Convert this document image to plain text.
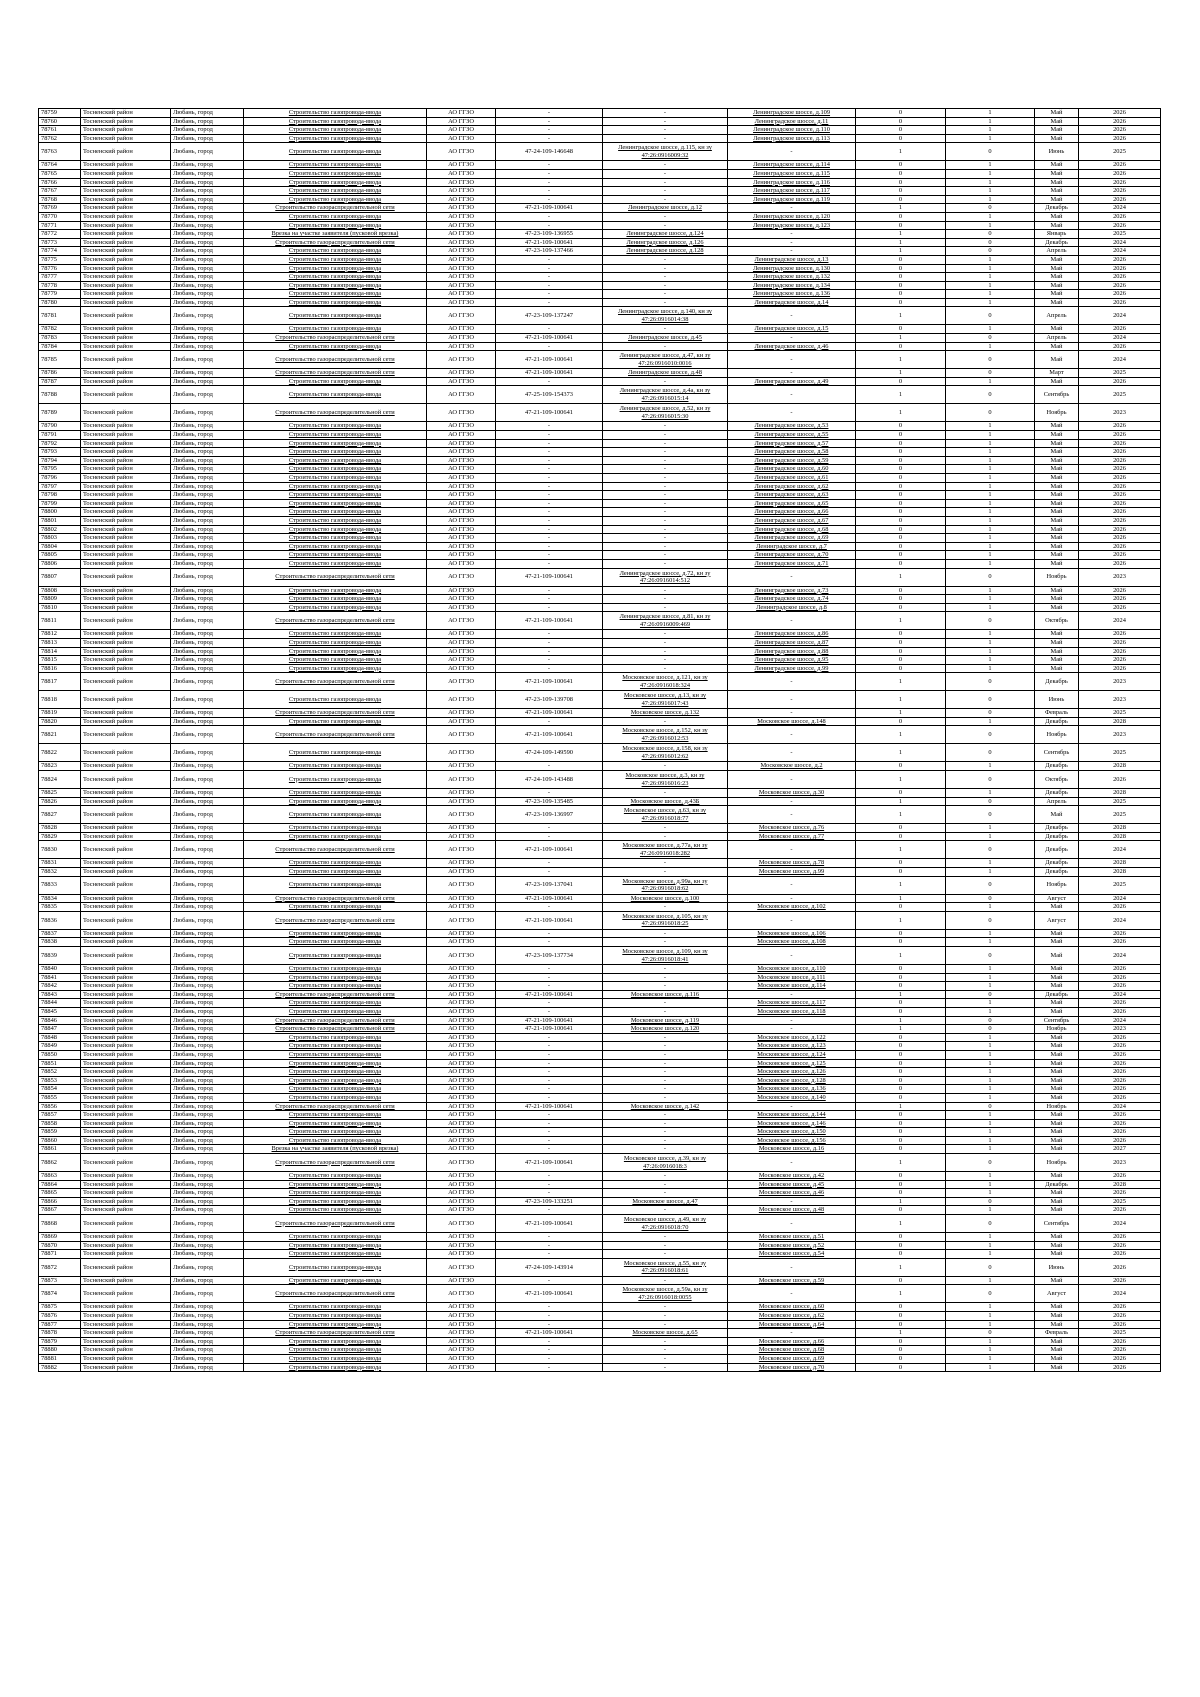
78759	Тосненский район	Любань, город	Строительство газопровода-ввода	АО ГГЗО	-	-	Ленинградское шоссе, д.109	0	1	Май	2026
78760	Тосненский район	Любань, город	Строительство газопровода-ввода	АО ГГЗО	-	-	Ленинградское шоссе, д.11	0	1	Май	2026
78761	Тосненский район	Любань, город	Строительство газопровода-ввода	АО ГГЗО	-	-	Ленинградское шоссе, д.110	0	1	Май	2026
78762	Тосненский район	Любань, город	Строительство газопровода-ввода	АО ГГЗО	-	-	Ленинградское шоссе, д.113	0	1	Май	2026
78763	Тосненский район	Любань, город	Строительство газопровода-ввода	АО ГГЗО	47-24-109-146648	Ленинградское шоссе, д.115, кн зу 47:26:0916009:32	-	1	0	Июнь	2025
78764	Тосненский район	Любань, город	Строительство газопровода-ввода	АО ГГЗО	-	-	Ленинградское шоссе, д.114	0	1	Май	2026
78765	Тосненский район	Любань, город	Строительство газопровода-ввода	АО ГГЗО	-	-	Ленинградское шоссе, д.115	0	1	Май	2026
78766	Тосненский район	Любань, город	Строительство газопровода-ввода	АО ГГЗО	-	-	Ленинградское шоссе, д.116	0	1	Май	2026
78767	Тосненский район	Любань, город	Строительство газопровода-ввода	АО ГГЗО	-	-	Ленинградское шоссе, д.117	0	1	Май	2026
78768	Тосненский район	Любань, город	Строительство газопровода-ввода	АО ГГЗО	-	-	Ленинградское шоссе, д.119	0	1	Май	2026
78769	Тосненский район	Любань, город	Строительство газораспределительной сети	АО ГГЗО	47-21-109-100641	Ленинградское шоссе, д.12	-	1	0	Декабрь	2024
78770	Тосненский район	Любань, город	Строительство газопровода-ввода	АО ГГЗО	-	-	Ленинградское шоссе, д.120	0	1	Май	2026
78771	Тосненский район	Любань, город	Строительство газопровода-ввода	АО ГГЗО	-	-	Ленинградское шоссе, д.123	0	1	Май	2026
78772	Тосненский район	Любань, город	Врезка на участке заявителя (пусковой врезка)	АО ГГЗО	47-23-109-136955	Ленинградское шоссе, д.124	-	1	0	Январь	2025
78773	Тосненский район	Любань, город	Строительство газораспределительной сети	АО ГГЗО	47-21-109-100641	Ленинградское шоссе, д.126	-	1	0	Декабрь	2024
78774	Тосненский район	Любань, город	Строительство газопровода-ввода	АО ГГЗО	47-23-109-137466	Ленинградское шоссе, д.128	-	1	0	Апрель	2024
78775	Тосненский район	Любань, город	Строительство газопровода-ввода	АО ГГЗО	-	-	Ленинградское шоссе, д.13	0	1	Май	2026
78776	Тосненский район	Любань, город	Строительство газопровода-ввода	АО ГГЗО	-	-	Ленинградское шоссе, д.130	0	1	Май	2026
78777	Тосненский район	Любань, город	Строительство газопровода-ввода	АО ГГЗО	-	-	Ленинградское шоссе, д.132	0	1	Май	2026
78778	Тосненский район	Любань, город	Строительство газопровода-ввода	АО ГГЗО	-	-	Ленинградское шоссе, д.134	0	1	Май	2026
78779	Тосненский район	Любань, город	Строительство газопровода-ввода	АО ГГЗО	-	-	Ленинградское шоссе, д.136	0	1	Май	2026
78780	Тосненский район	Любань, город	Строительство газопровода-ввода	АО ГГЗО	-	-	Ленинградское шоссе, д.14	0	1	Май	2026
78781	Тосненский район	Любань, город	Строительство газопровода-ввода	АО ГГЗО	47-23-109-137247	Ленинградское шоссе, д.140, кн зу 47:26:0916014:38	-	1	0	Апрель	2024
78782	Тосненский район	Любань, город	Строительство газопровода-ввода	АО ГГЗО	-	-	Ленинградское шоссе, д.15	0	1	Май	2026
78783	Тосненский район	Любань, город	Строительство газораспределительной сети	АО ГГЗО	47-21-109-100641	Ленинградское шоссе, д.45	-	1	0	Апрель	2024
78784	Тосненский район	Любань, город	Строительство газопровода-ввода	АО ГГЗО	-	-	Ленинградское шоссе, д.46	0	1	Май	2026
78785	Тосненский район	Любань, город	Строительство газораспределительной сети	АО ГГЗО	47-21-109-100641	Ленинградское шоссе, д.47, кн зу 47:26:0916010:0016	-	1	0	Май	2024
78786	Тосненский район	Любань, город	Строительство газораспределительной сети	АО ГГЗО	47-21-109-100641	Ленинградское шоссе, д.48	-	1	0	Март	2025
78787	Тосненский район	Любань, город	Строительство газопровода-ввода	АО ГГЗО	-	-	Ленинградское шоссе, д.49	0	1	Май	2026
78788	Тосненский район	Любань, город	Строительство газопровода-ввода	АО ГГЗО	47-25-109-154373	Ленинградское шоссе, д.4а, кн зу 47:26:0916015:14	-	1	0	Сентябрь	2025
78789	Тосненский район	Любань, город	Строительство газораспределительной сети	АО ГГЗО	47-21-109-100641	Ленинградское шоссе, д.52, кн зу 47:26:0916015:30	-	1	0	Ноябрь	2023
78790	Тосненский район	Любань, город	Строительство газопровода-ввода	АО ГГЗО	-	-	Ленинградское шоссе, д.53	0	1	Май	2026
78791	Тосненский район	Любань, город	Строительство газопровода-ввода	АО ГГЗО	-	-	Ленинградское шоссе, д.55	0	1	Май	2026
78792	Тосненский район	Любань, город	Строительство газопровода-ввода	АО ГГЗО	-	-	Ленинградское шоссе, д.57	0	1	Май	2026
78793	Тосненский район	Любань, город	Строительство газопровода-ввода	АО ГГЗО	-	-	Ленинградское шоссе, д.58	0	1	Май	2026
78794	Тосненский район	Любань, город	Строительство газопровода-ввода	АО ГГЗО	-	-	Ленинградское шоссе, д.59	0	1	Май	2026
78795	Тосненский район	Любань, город	Строительство газопровода-ввода	АО ГГЗО	-	-	Ленинградское шоссе, д.60	0	1	Май	2026
78796	Тосненский район	Любань, город	Строительство газопровода-ввода	АО ГГЗО	-	-	Ленинградское шоссе, д.61	0	1	Май	2026
78797	Тосненский район	Любань, город	Строительство газопровода-ввода	АО ГГЗО	-	-	Ленинградское шоссе, д.62	0	1	Май	2026
78798	Тосненский район	Любань, город	Строительство газопровода-ввода	АО ГГЗО	-	-	Ленинградское шоссе, д.63	0	1	Май	2026
78799	Тосненский район	Любань, город	Строительство газопровода-ввода	АО ГГЗО	-	-	Ленинградское шоссе, д.65	0	1	Май	2026
78800	Тосненский район	Любань, город	Строительство газопровода-ввода	АО ГГЗО	-	-	Ленинградское шоссе, д.66	0	1	Май	2026
78801	Тосненский район	Любань, город	Строительство газопровода-ввода	АО ГГЗО	-	-	Ленинградское шоссе, д.67	0	1	Май	2026
78802	Тосненский район	Любань, город	Строительство газопровода-ввода	АО ГГЗО	-	-	Ленинградское шоссе, д.68	0	1	Май	2026
78803	Тосненский район	Любань, город	Строительство газопровода-ввода	АО ГГЗО	-	-	Ленинградское шоссе, д.69	0	1	Май	2026
78804	Тосненский район	Любань, город	Строительство газопровода-ввода	АО ГГЗО	-	-	Ленинградское шоссе, д.7	0	1	Май	2026
78805	Тосненский район	Любань, город	Строительство газопровода-ввода	АО ГГЗО	-	-	Ленинградское шоссе, д.70	0	1	Май	2026
78806	Тосненский район	Любань, город	Строительство газопровода-ввода	АО ГГЗО	-	-	Ленинградское шоссе, д.71	0	1	Май	2026
78807	Тосненский район	Любань, город	Строительство газораспределительной сети	АО ГГЗО	47-21-109-100641	Ленинградское шоссе, д.72, кн зу 47:26:0916014:512	-	1	0	Ноябрь	2023
78808	Тосненский район	Любань, город	Строительство газопровода-ввода	АО ГГЗО	-	-	Ленинградское шоссе, д.73	0	1	Май	2026
78809	Тосненский район	Любань, город	Строительство газопровода-ввода	АО ГГЗО	-	-	Ленинградское шоссе, д.74	0	1	Май	2026
78810	Тосненский район	Любань, город	Строительство газопровода-ввода	АО ГГЗО	-	-	Ленинградское шоссе, д.8	0	1	Май	2026
78811	Тосненский район	Любань, город	Строительство газораспределительной сети	АО ГГЗО	47-21-109-100641	Ленинградское шоссе, д.81, кн зу 47:26:0916009:469	-	1	0	Октябрь	2024
78812	Тосненский район	Любань, город	Строительство газопровода-ввода	АО ГГЗО	-	-	Ленинградское шоссе, д.86	0	1	Май	2026
78813	Тосненский район	Любань, город	Строительство газопровода-ввода	АО ГГЗО	-	-	Ленинградское шоссе, д.87	0	1	Май	2026
78814	Тосненский район	Любань, город	Строительство газопровода-ввода	АО ГГЗО	-	-	Ленинградское шоссе, д.88	0	1	Май	2026
78815	Тосненский район	Любань, город	Строительство газопровода-ввода	АО ГГЗО	-	-	Ленинградское шоссе, д.95	0	1	Май	2026
78816	Тосненский район	Любань, город	Строительство газопровода-ввода	АО ГГЗО	-	-	Ленинградское шоссе, д.99	0	1	Май	2026
78817	Тосненский район	Любань, город	Строительство газораспределительной сети	АО ГГЗО	47-21-109-100641	Московское шоссе, д.121, кн зу 47:26:0916018:324	-	1	0	Декабрь	2023
78818	Тосненский район	Любань, город	Строительство газопровода-ввода	АО ГГЗО	47-23-109-139708	Московское шоссе, д.13, кн зу 47:26:0916017:43	-	1	0	Июнь	2023
78819	Тосненский район	Любань, город	Строительство газораспределительной сети	АО ГГЗО	47-21-109-100641	Московское шоссе, д.132	-	1	0	Февраль	2025
78820	Тосненский район	Любань, город	Строительство газопровода-ввода	АО ГГЗО	-	-	Московское шоссе, д.148	0	1	Декабрь	2028
78821	Тосненский район	Любань, город	Строительство газораспределительной сети	АО ГГЗО	47-21-109-100641	Московское шоссе, д.152, кн зу 47:26:0916012:53	-	1	0	Ноябрь	2023
78822	Тосненский район	Любань, город	Строительство газопровода-ввода	АО ГГЗО	47-24-109-149590	Московское шоссе, д.158, кн зу 47:26:0916012:62	-	1	0	Сентябрь	2025
78823	Тосненский район	Любань, город	Строительство газопровода-ввода	АО ГГЗО	-	-	Московское шоссе, д.2	0	1	Декабрь	2028
78824	Тосненский район	Любань, город	Строительство газопровода-ввода	АО ГГЗО	47-24-109-143488	Московское шоссе, д.3, кн зу 47:26:0916016:23	-	1	0	Октябрь	2026
78825	Тосненский район	Любань, город	Строительство газопровода-ввода	АО ГГЗО	-	-	Московское шоссе, д.30	0	1	Декабрь	2028
78826	Тосненский район	Любань, город	Строительство газопровода-ввода	АО ГГЗО	47-23-109-135485	Московское шоссе, д.43Б	-	1	0	Апрель	2025
78827	Тосненский район	Любань, город	Строительство газопровода-ввода	АО ГГЗО	47-23-109-136997	Московское шоссе, д.63, кн зу 47:26:0916018:77	-	1	0	Май	2025
78828	Тосненский район	Любань, город	Строительство газопровода-ввода	АО ГГЗО	-	-	Московское шоссе, д.76	0	1	Декабрь	2028
78829	Тосненский район	Любань, город	Строительство газопровода-ввода	АО ГГЗО	-	-	Московское шоссе, д.77	0	1	Декабрь	2028
78830	Тосненский район	Любань, город	Строительство газораспределительной сети	АО ГГЗО	47-21-109-100641	Московское шоссе, д.77а, кн зу 47:26:0916018:282	-	1	0	Декабрь	2024
78831	Тосненский район	Любань, город	Строительство газопровода-ввода	АО ГГЗО	-	-	Московское шоссе, д.78	0	1	Декабрь	2028
78832	Тосненский район	Любань, город	Строительство газопровода-ввода	АО ГГЗО	-	-	Московское шоссе, д.99	0	1	Декабрь	2028
78833	Тосненский район	Любань, город	Строительство газопровода-ввода	АО ГГЗО	47-23-109-137041	Московское шоссе, д.99а, кн зу 47:26:0916018:62	-	1	0	Ноябрь	2025
78834	Тосненский район	Любань, город	Строительство газораспределительной сети	АО ГГЗО	47-21-109-100641	Московское шоссе, д.100	-	1	0	Август	2024
78835	Тосненский район	Любань, город	Строительство газопровода-ввода	АО ГГЗО	-	-	Московское шоссе, д.102	0	1	Май	2026
78836	Тосненский район	Любань, город	Строительство газораспределительной сети	АО ГГЗО	47-21-109-100641	Московское шоссе, д.105, кн зу 47:26:0916018:25	-	1	0	Август	2024
78837	Тосненский район	Любань, город	Строительство газопровода-ввода	АО ГГЗО	-	-	Московское шоссе, д.106	0	1	Май	2026
78838	Тосненский район	Любань, город	Строительство газопровода-ввода	АО ГГЗО	-	-	Московское шоссе, д.108	0	1	Май	2026
78839	Тосненский район	Любань, город	Строительство газопровода-ввода	АО ГГЗО	47-23-109-137734	Московское шоссе, д.109, кн зу 47:26:0916018:41	-	1	0	Май	2024
78840	Тосненский район	Любань, город	Строительство газопровода-ввода	АО ГГЗО	-	-	Московское шоссе, д.110	0	1	Май	2026
78841	Тосненский район	Любань, город	Строительство газопровода-ввода	АО ГГЗО	-	-	Московское шоссе, д.111	0	1	Май	2026
78842	Тосненский район	Любань, город	Строительство газопровода-ввода	АО ГГЗО	-	-	Московское шоссе, д.114	0	1	Май	2026
78843	Тосненский район	Любань, город	Строительство газораспределительной сети	АО ГГЗО	47-21-109-100641	Московское шоссе, д.116	-	1	0	Декабрь	2024
78844	Тосненский район	Любань, город	Строительство газопровода-ввода	АО ГГЗО	-	-	Московское шоссе, д.117	0	1	Май	2026
78845	Тосненский район	Любань, город	Строительство газопровода-ввода	АО ГГЗО	-	-	Московское шоссе, д.118	0	1	Май	2026
78846	Тосненский район	Любань, город	Строительство газораспределительной сети	АО ГГЗО	47-21-109-100641	Московское шоссе, д.119	-	1	0	Сентябрь	2024
78847	Тосненский район	Любань, город	Строительство газораспределительной сети	АО ГГЗО	47-21-109-100641	Московское шоссе, д.120	-	1	0	Ноябрь	2023
78848	Тосненский район	Любань, город	Строительство газопровода-ввода	АО ГГЗО	-	-	Московское шоссе, д.122	0	1	Май	2026
78849	Тосненский район	Любань, город	Строительство газопровода-ввода	АО ГГЗО	-	-	Московское шоссе, д.123	0	1	Май	2026
78850	Тосненский район	Любань, город	Строительство газопровода-ввода	АО ГГЗО	-	-	Московское шоссе, д.124	0	1	Май	2026
78851	Тосненский район	Любань, город	Строительство газопровода-ввода	АО ГГЗО	-	-	Московское шоссе, д.125	0	1	Май	2026
78852	Тосненский район	Любань, город	Строительство газопровода-ввода	АО ГГЗО	-	-	Московское шоссе, д.126	0	1	Май	2026
78853	Тосненский район	Любань, город	Строительство газопровода-ввода	АО ГГЗО	-	-	Московское шоссе, д.128	0	1	Май	2026
78854	Тосненский район	Любань, город	Строительство газопровода-ввода	АО ГГЗО	-	-	Московское шоссе, д.136	0	1	Май	2026
78855	Тосненский район	Любань, город	Строительство газопровода-ввода	АО ГГЗО	-	-	Московское шоссе, д.140	0	1	Май	2026
78856	Тосненский район	Любань, город	Строительство газораспределительной сети	АО ГГЗО	47-21-109-100641	Московское шоссе, д.142	-	1	0	Ноябрь	2024
78857	Тосненский район	Любань, город	Строительство газопровода-ввода	АО ГГЗО	-	-	Московское шоссе, д.144	0	1	Май	2026
78858	Тосненский район	Любань, город	Строительство газопровода-ввода	АО ГГЗО	-	-	Московское шоссе, д.146	0	1	Май	2026
78859	Тосненский район	Любань, город	Строительство газопровода-ввода	АО ГГЗО	-	-	Московское шоссе, д.150	0	1	Май	2026
78860	Тосненский район	Любань, город	Строительство газопровода-ввода	АО ГГЗО	-	-	Московское шоссе, д.156	0	1	Май	2026
78861	Тосненский район	Любань, город	Врезка на участке заявителя (пусковой врезка)	АО ГГЗО	-	-	Московское шоссе, д.16	0	1	Май	2027
78862	Тосненский район	Любань, город	Строительство газораспределительной сети	АО ГГЗО	47-21-109-100641	Московское шоссе, д.39, кн зу 47:26:0916018:3	-	1	0	Ноябрь	2023
78863	Тосненский район	Любань, город	Строительство газопровода-ввода	АО ГГЗО	-	-	Московское шоссе, д.42	0	1	Май	2026
78864	Тосненский район	Любань, город	Строительство газопровода-ввода	АО ГГЗО	-	-	Московское шоссе, д.45	0	1	Декабрь	2028
78865	Тосненский район	Любань, город	Строительство газопровода-ввода	АО ГГЗО	-	-	Московское шоссе, д.46	0	1	Май	2026
78866	Тосненский район	Любань, город	Строительство газопровода-ввода	АО ГГЗО	47-23-109-133251	Московское шоссе, д.47	-	1	0	Май	2025
78867	Тосненский район	Любань, город	Строительство газопровода-ввода	АО ГГЗО	-	-	Московское шоссе, д.48	0	1	Май	2026
78868	Тосненский район	Любань, город	Строительство газораспределительной сети	АО ГГЗО	47-21-109-100641	Московское шоссе, д.49, кн зу 47:26:0916018:70	-	1	0	Сентябрь	2024
78869	Тосненский район	Любань, город	Строительство газопровода-ввода	АО ГГЗО	-	-	Московское шоссе, д.51	0	1	Май	2026
78870	Тосненский район	Любань, город	Строительство газопровода-ввода	АО ГГЗО	-	-	Московское шоссе, д.52	0	1	Май	2026
78871	Тосненский район	Любань, город	Строительство газопровода-ввода	АО ГГЗО	-	-	Московское шоссе, д.54	0	1	Май	2026
78872	Тосненский район	Любань, город	Строительство газопровода-ввода	АО ГГЗО	47-24-109-143914	Московское шоссе, д.55, кн зу 47:26:0916018:61	-	1	0	Июнь	2026
78873	Тосненский район	Любань, город	Строительство газопровода-ввода	АО ГГЗО	-	-	Московское шоссе, д.59	0	1	Май	2026
78874	Тосненский район	Любань, город	Строительство газораспределительной сети	АО ГГЗО	47-21-109-100641	Московское шоссе, д.59а, кн зу 47:26:0916018:0055	-	1	0	Август	2024
78875	Тосненский район	Любань, город	Строительство газопровода-ввода	АО ГГЗО	-	-	Московское шоссе, д.60	0	1	Май	2026
78876	Тосненский район	Любань, город	Строительство газопровода-ввода	АО ГГЗО	-	-	Московское шоссе, д.62	0	1	Май	2026
78877	Тосненский район	Любань, город	Строительство газопровода-ввода	АО ГГЗО	-	-	Московское шоссе, д.64	0	1	Май	2026
78878	Тосненский район	Любань, город	Строительство газораспределительной сети	АО ГГЗО	47-21-109-100641	Московское шоссе, д.65	-	1	0	Февраль	2025
78879	Тосненский район	Любань, город	Строительство газопровода-ввода	АО ГГЗО	-	-	Московское шоссе, д.66	0	1	Май	2026
78880	Тосненский район	Любань, город	Строительство газопровода-ввода	АО ГГЗО	-	-	Московское шоссе, д.68	0	1	Май	2026
78881	Тосненский район	Любань, город	Строительство газопровода-ввода	АО ГГЗО	-	-	Московское шоссе, д.69	0	1	Май	2026
78882	Тосненский район	Любань, город	Строительство газопровода-ввода	АО ГГЗО	-	-	Московское шоссе, д.70	0	1	Май	2026
